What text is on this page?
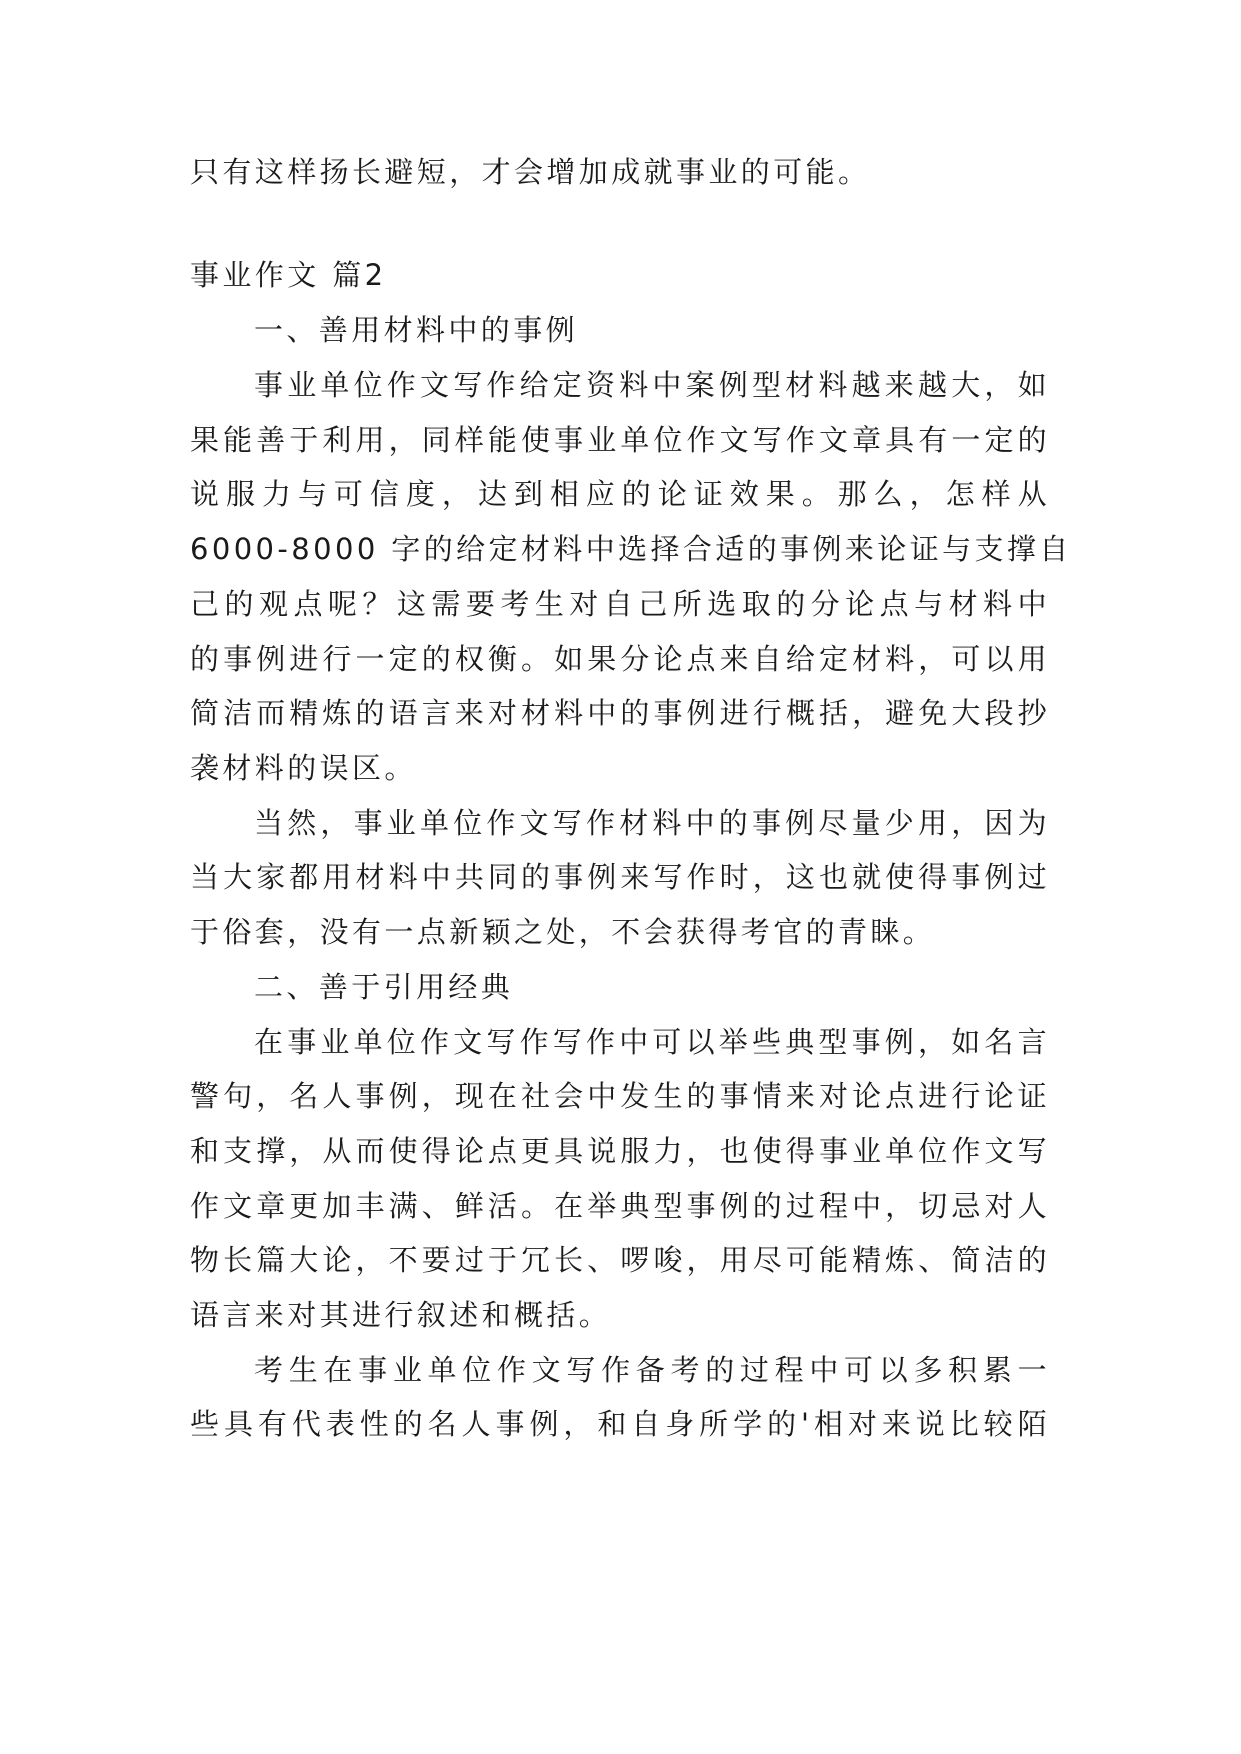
只有这样扬长避短，才会增加成就事业的可能。
事业作文 篇2
一、善用材料中的事例
事业单位作文写作给定资料中案例型材料越来越大，如
果能善于利用，同样能使事业单位作文写作文章具有一定的
说服力与可信度，达到相应的论证效果。那么，怎样从
6000-8000 字的给定材料中选择合适的事例来论证与支撑自
己的观点呢？这需要考生对自己所选取的分论点与材料中
的事例进行一定的权衡。如果分论点来自给定材料，可以用
简洁而精炼的语言来对材料中的事例进行概括，避免大段抄
袭材料的误区。
当然，事业单位作文写作材料中的事例尽量少用，因为
当大家都用材料中共同的事例来写作时，这也就使得事例过
于俗套，没有一点新颖之处，不会获得考官的青睐。
二、善于引用经典
在事业单位作文写作写作中可以举些典型事例，如名言
警句，名人事例，现在社会中发生的事情来对论点进行论证
和支撑，从而使得论点更具说服力，也使得事业单位作文写
作文章更加丰满、鲜活。在举典型事例的过程中，切忌对人
物长篇大论，不要过于冗长、啰唆，用尽可能精炼、简洁的
语言来对其进行叙述和概括。
考生在事业单位作文写作备考的过程中可以多积累一
些具有代表性的名人事例，和自身所学的'相对来说比较陌
